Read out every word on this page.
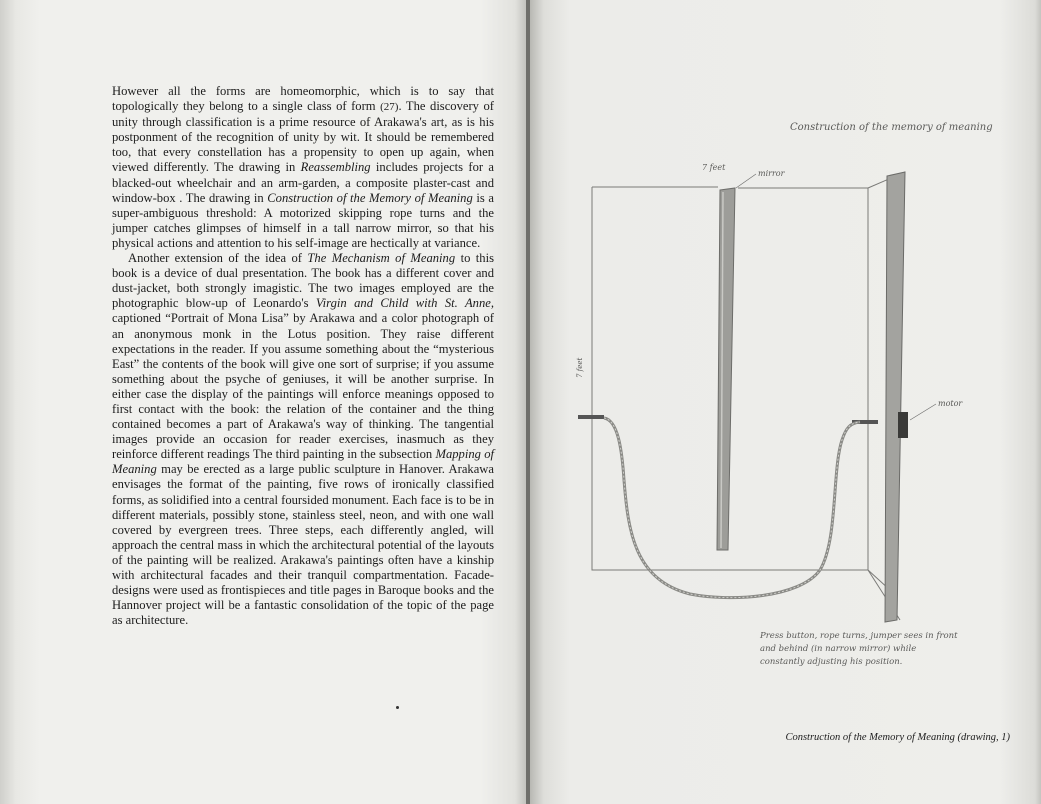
However all the forms are homeomorphic, which is to say that topologically they belong to a single class of form (27). The discovery of unity through classification is a prime resource of Arakawa's art, as is his postponment of the recognition of unity by wit. It should be remembered too, that every constellation has a propensity to open up again, when viewed differently. The drawing in Reassembling includes projects for a blacked-out wheelchair and an arm-garden, a composite plaster-cast and window-box . The drawing in Construction of the Memory of Meaning is a super-ambiguous threshold: A motorized skipping rope turns and the jumper catches glimpses of himself in a tall narrow mirror, so that his physical actions and attention to his self-image are hectically at variance.

Another extension of the idea of The Mechanism of Meaning to this book is a device of dual presentation. The book has a different cover and dust-jacket, both strongly imagistic. The two images employed are the photographic blow-up of Leonardo's Virgin and Child with St. Anne, captioned “Portrait of Mona Lisa” by Arakawa and a color photograph of an anonymous monk in the Lotus position. They raise different expectations in the reader. If you assume something about the “mysterious East” the contents of the book will give one sort of surprise; if you assume something about the psyche of geniuses, it will be another surprise. In either case the display of the paintings will enforce meanings opposed to first contact with the book: the relation of the container and the thing contained becomes a part of Arakawa's way of thinking. The tangential images provide an occasion for reader exercises, inasmuch as they reinforce different readings The third painting in the subsection Mapping of Meaning may be erected as a large public sculpture in Hanover. Arakawa envisages the format of the painting, five rows of ironically classified forms, as solidified into a central foursided monument. Each face is to be in different materials, possibly stone, stainless steel, neon, and with one wall covered by evergreen trees. Three steps, each differently angled, will approach the central mass in which the architectural potential of the layouts of the painting will be realized. Arakawa's paintings often have a kinship with architectural facades and their tranquil compartmentation. Facade-designs were used as frontispieces and title pages in Baroque books and the Hannover project will be a fantastic consolidation of the topic of the page as architecture.

Construction of the memory of meaning
7 feet
mirror
7 feet
motor
Press button, rope turns, jumper sees in front
and behind (in narrow mirror) while
constantly adjusting his position.
Construction of the Memory of Meaning (drawing, 1)
